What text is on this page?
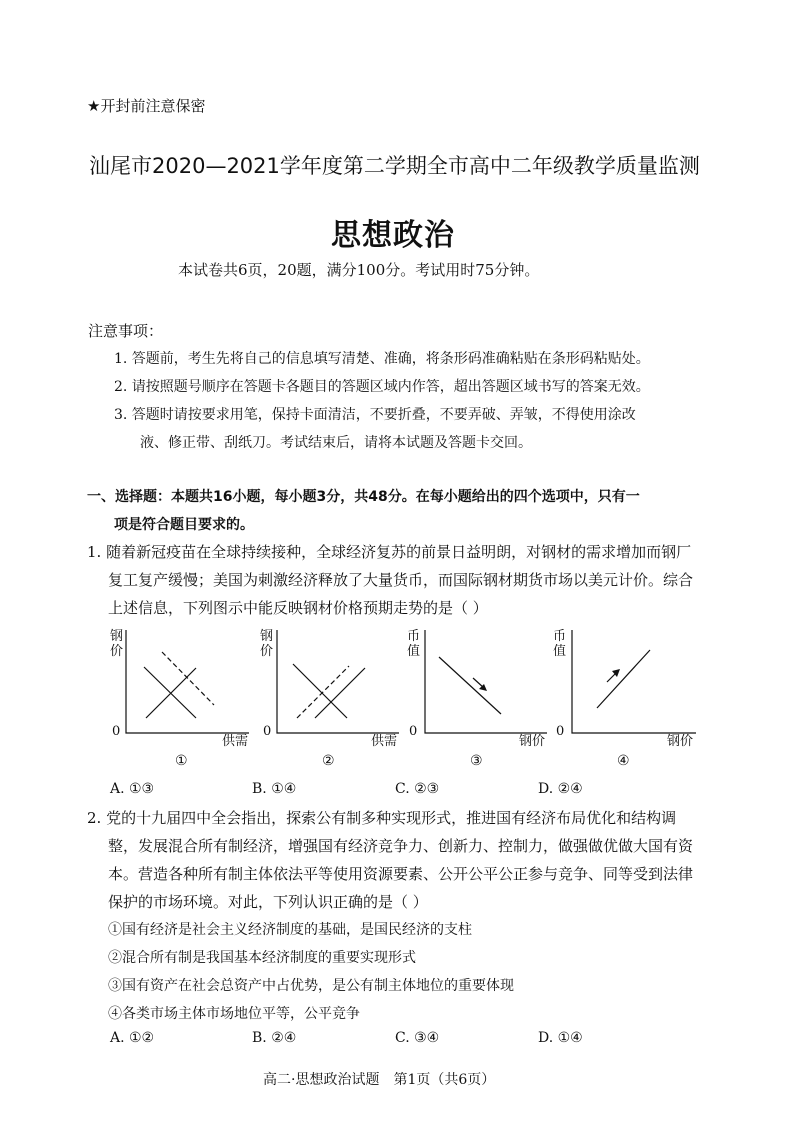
★开封前注意保密
汕尾市2020—2021学年度第二学期全市高中二年级教学质量监测
思想政治
本试卷共6页，20题，满分100分。考试用时75分钟。
注意事项：
1. 答题前，考生先将自己的信息填写清楚、准确，将条形码准确粘贴在条形码粘贴处。
2. 请按照题号顺序在答题卡各题目的答题区域内作答，超出答题区域书写的答案无效。
3. 答题时请按要求用笔，保持卡面清洁，不要折叠，不要弄破、弄皱，不得使用涂改
液、修正带、刮纸刀。考试结束后，请将本试题及答题卡交回。
一、选择题：本题共16小题，每小题3分，共48分。在每小题给出的四个选项中，只有一
项是符合题目要求的。
1. 随着新冠疫苗在全球持续接种，全球经济复苏的前景日益明朗，对钢材的需求增加而钢厂
复工复产缓慢；美国为刺激经济释放了大量货币，而国际钢材期货市场以美元计价。综合
上述信息，下列图示中能反映钢材价格预期走势的是（ ）
钢
价
0
供需
钢
价
0
供需
币
值
0
钢价
币
值
0
钢价
①	②	③	④
A. ①③	B. ①④	C. ②③	D. ②④
2. 党的十九届四中全会指出，探索公有制多种实现形式，推进国有经济布局优化和结构调
整，发展混合所有制经济，增强国有经济竞争力、创新力、控制力，做强做优做大国有资
本。营造各种所有制主体依法平等使用资源要素、公开公平公正参与竞争、同等受到法律
保护的市场环境。对此，下列认识正确的是（ ）
①国有经济是社会主义经济制度的基础，是国民经济的支柱
②混合所有制是我国基本经济制度的重要实现形式
③国有资产在社会总资产中占优势，是公有制主体地位的重要体现
④各类市场主体市场地位平等，公平竞争
A. ①②	B. ②④	C. ③④	D. ①④
高二·思想政治试题　第1页（共6页）
